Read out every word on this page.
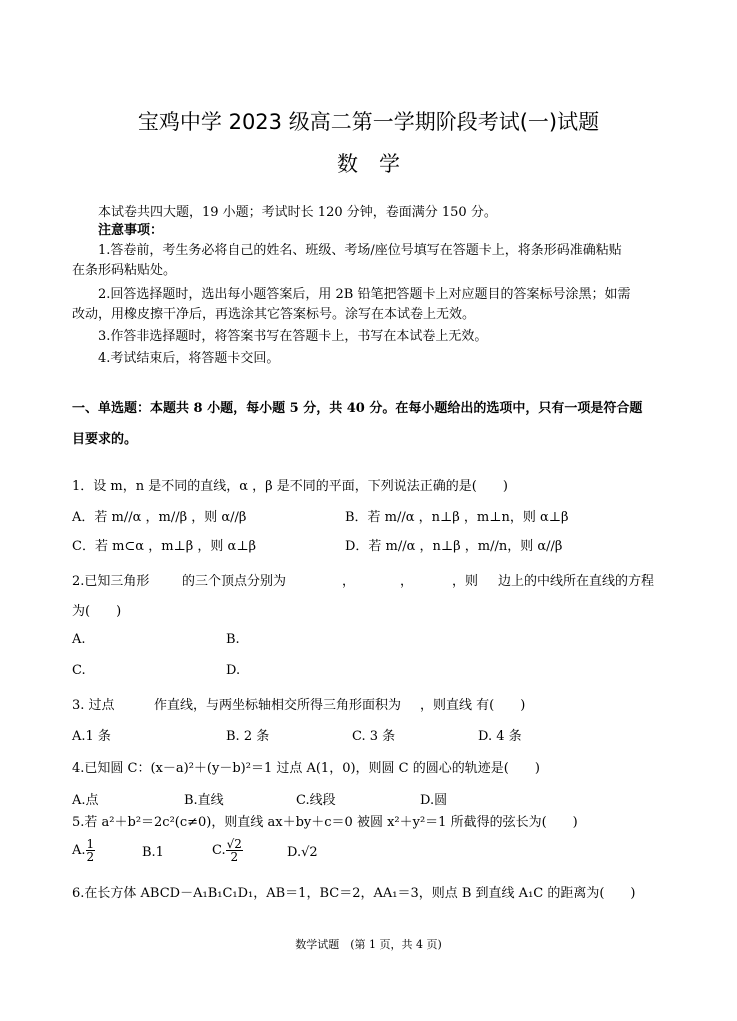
宝鸡中学 2023 级高二第一学期阶段考试(一)试题
数　学
本试卷共四大题，19 小题；考试时长 120 分钟，卷面满分 150 分。
注意事项：
1.答卷前，考生务必将自己的姓名、班级、考场/座位号填写在答题卡上，将条形码准确粘贴
在条形码粘贴处。
2.回答选择题时，选出每小题答案后，用 2B 铅笔把答题卡上对应题目的答案标号涂黑；如需
改动，用橡皮擦干净后，再选涂其它答案标号。涂写在本试卷上无效。
3.作答非选择题时，将答案书写在答题卡上，书写在本试卷上无效。
4.考试结束后，将答题卡交回。
一、单选题：本题共 8 小题，每小题 5 分，共 40 分。在每小题给出的选项中，只有一项是符合题
目要求的。
1．设 m，n 是不同的直线，α ，β 是不同的平面，下列说法正确的是(　　)
A．若 m//α ，m//β ，则 α//β	B．若 m//α ，n⊥β ，m⊥n，则 α⊥β
C．若 m⊂α ，m⊥β ，则 α⊥β	D．若 m//α ，n⊥β ，m//n，则 α//β
2.已知三角形	的三个顶点分别为	，	，	，则 边上的中线所在直线的方程
为(　　)
A.	B.
C.	D.
3. 过点	作直线，与两坐标轴相交所得三角形面积为 ，则直线 有(　　)
A.1 条	B. 2 条	C. 3 条	D. 4 条
4.已知圆 C：(x－a)²＋(y－b)²＝1 过点 A(1，0)，则圆 C 的圆心的轨迹是(　　)
A.点	B.直线	C.线段	D.圆
5.若 a²＋b²＝2c²(c≠0)，则直线 ax＋by＋c＝0 被圆 x²＋y²＝1 所截得的弦长为(　　)
A. $\frac{1}{2}$	B.1	C. $\frac{√2}{2}$	D.√2
6.在长方体 ABCD－A₁B₁C₁D₁，AB＝1，BC＝2，AA₁＝3，则点 B 到直线 A₁C 的距离为(　　)
数学试题　(第 1 页，共 4 页)
